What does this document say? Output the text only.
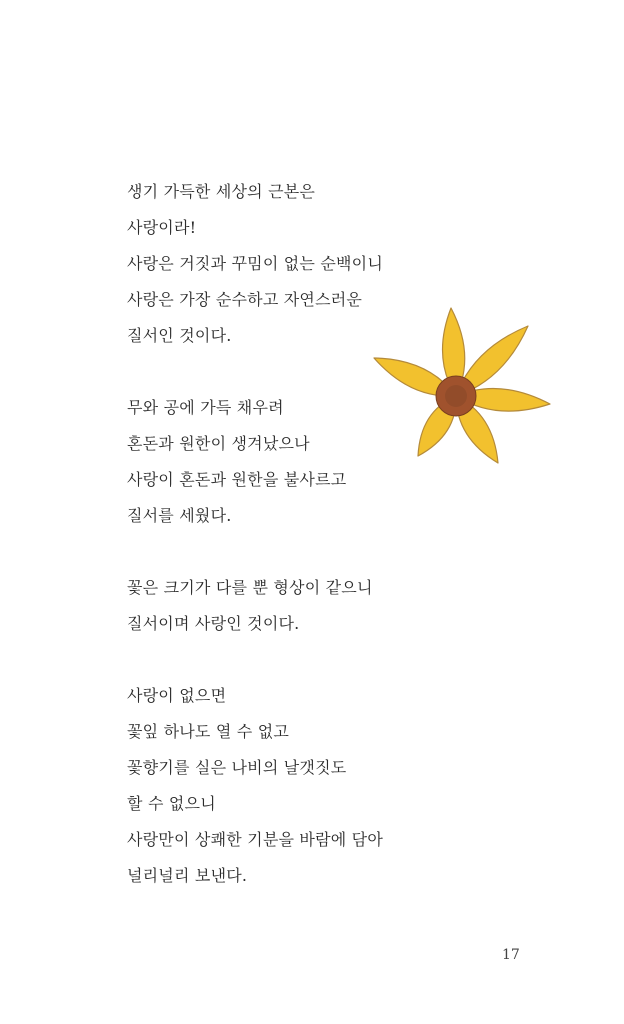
생기 가득한 세상의 근본은
사랑이라!
사랑은 거짓과 꾸밈이 없는 순백이니
사랑은 가장 순수하고 자연스러운
질서인 것이다.
무와 공에 가득 채우려
혼돈과 원한이 생겨났으나
사랑이 혼돈과 원한을 불사르고
질서를 세웠다.
꽃은 크기가 다를 뿐 형상이 같으니
질서이며 사랑인 것이다.
사랑이 없으면
꽃잎 하나도 열 수 없고
꽃향기를 실은 나비의 날갯짓도
할 수 없으니
사랑만이 상쾌한 기분을 바람에 담아
널리널리 보낸다.
17
